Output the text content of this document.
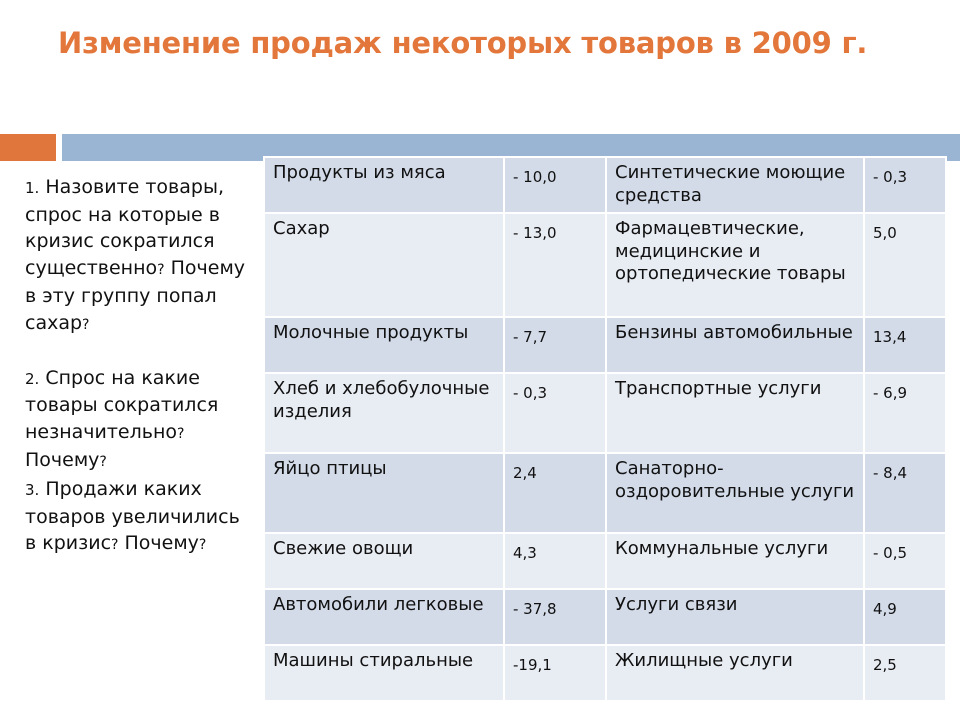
Изменение продаж некоторых товаров в 2009 г.

1. Назовите товары, спрос на которые в кризис сократился существенно? Почему в эту группу попал сахар?

2. Спрос на какие товары сократился незначительно? Почему?

3. Продажи каких товаров увеличились в кризис? Почему?

Продукты из мяса	- 10,0	Синтетические моющие средства	- 0,3
Сахар	- 13,0	Фармацевтические, медицинские и ортопедические товары	5,0
Молочные продукты	- 7,7	Бензины автомобильные	13,4
Хлеб и хлебобулочные изделия	- 0,3	Транспортные услуги	- 6,9
Яйцо птицы	2,4	Санаторно-оздоровительные услуги	- 8,4
Свежие овощи	4,3	Коммунальные услуги	- 0,5
Автомобили легковые	- 37,8	Услуги связи	4,9
Машины стиральные	-19,1	Жилищные услуги	2,5
